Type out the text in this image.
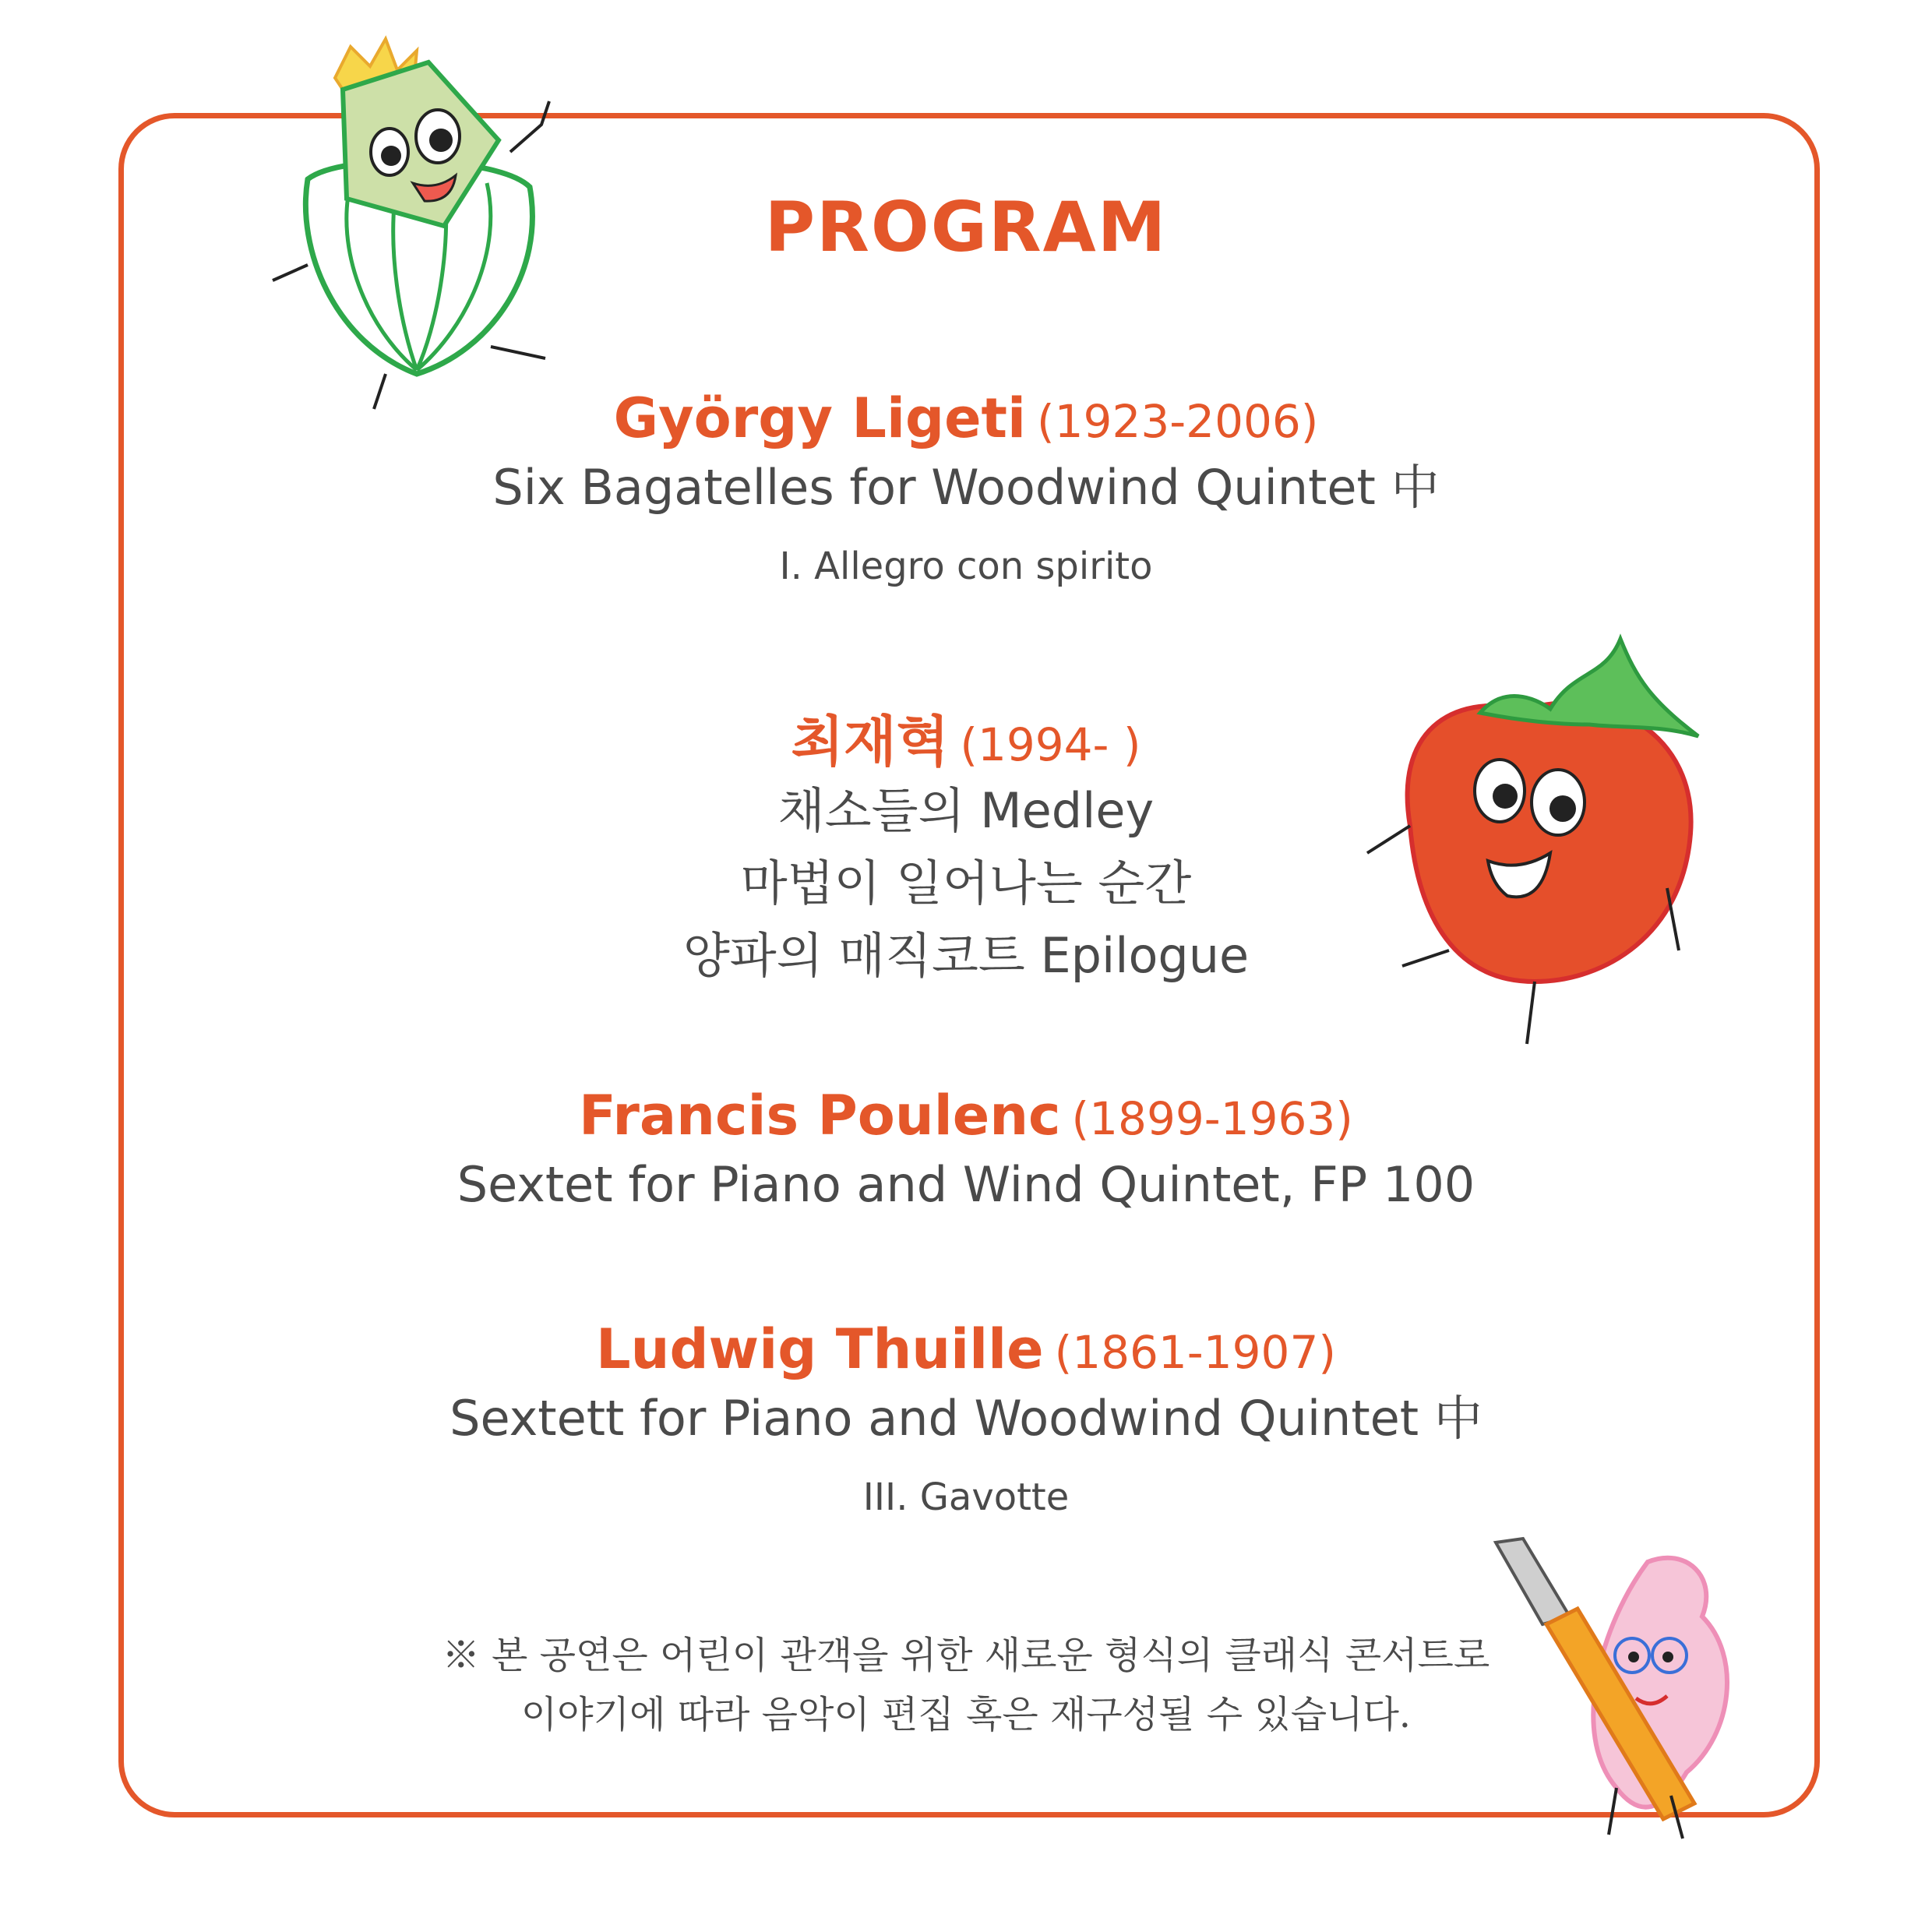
PROGRAM
György Ligeti (1923-2006)
Six Bagatelles for Woodwind Quintet 中
I. Allegro con spirito
최재혁 (1994- )
채소들의 Medley
마법이 일어나는 순간
양파의 매직코트 Epilogue
Francis Poulenc (1899-1963)
Sextet for Piano and Wind Quintet, FP 100
Ludwig Thuille (1861-1907)
Sextett for Piano and Woodwind Quintet 中
III. Gavotte
※ 본 공연은 어린이 관객을 위한 새로운 형식의 클래식 콘서트로
이야기에 따라 음악이 편집 혹은 재구성될 수 있습니다.
